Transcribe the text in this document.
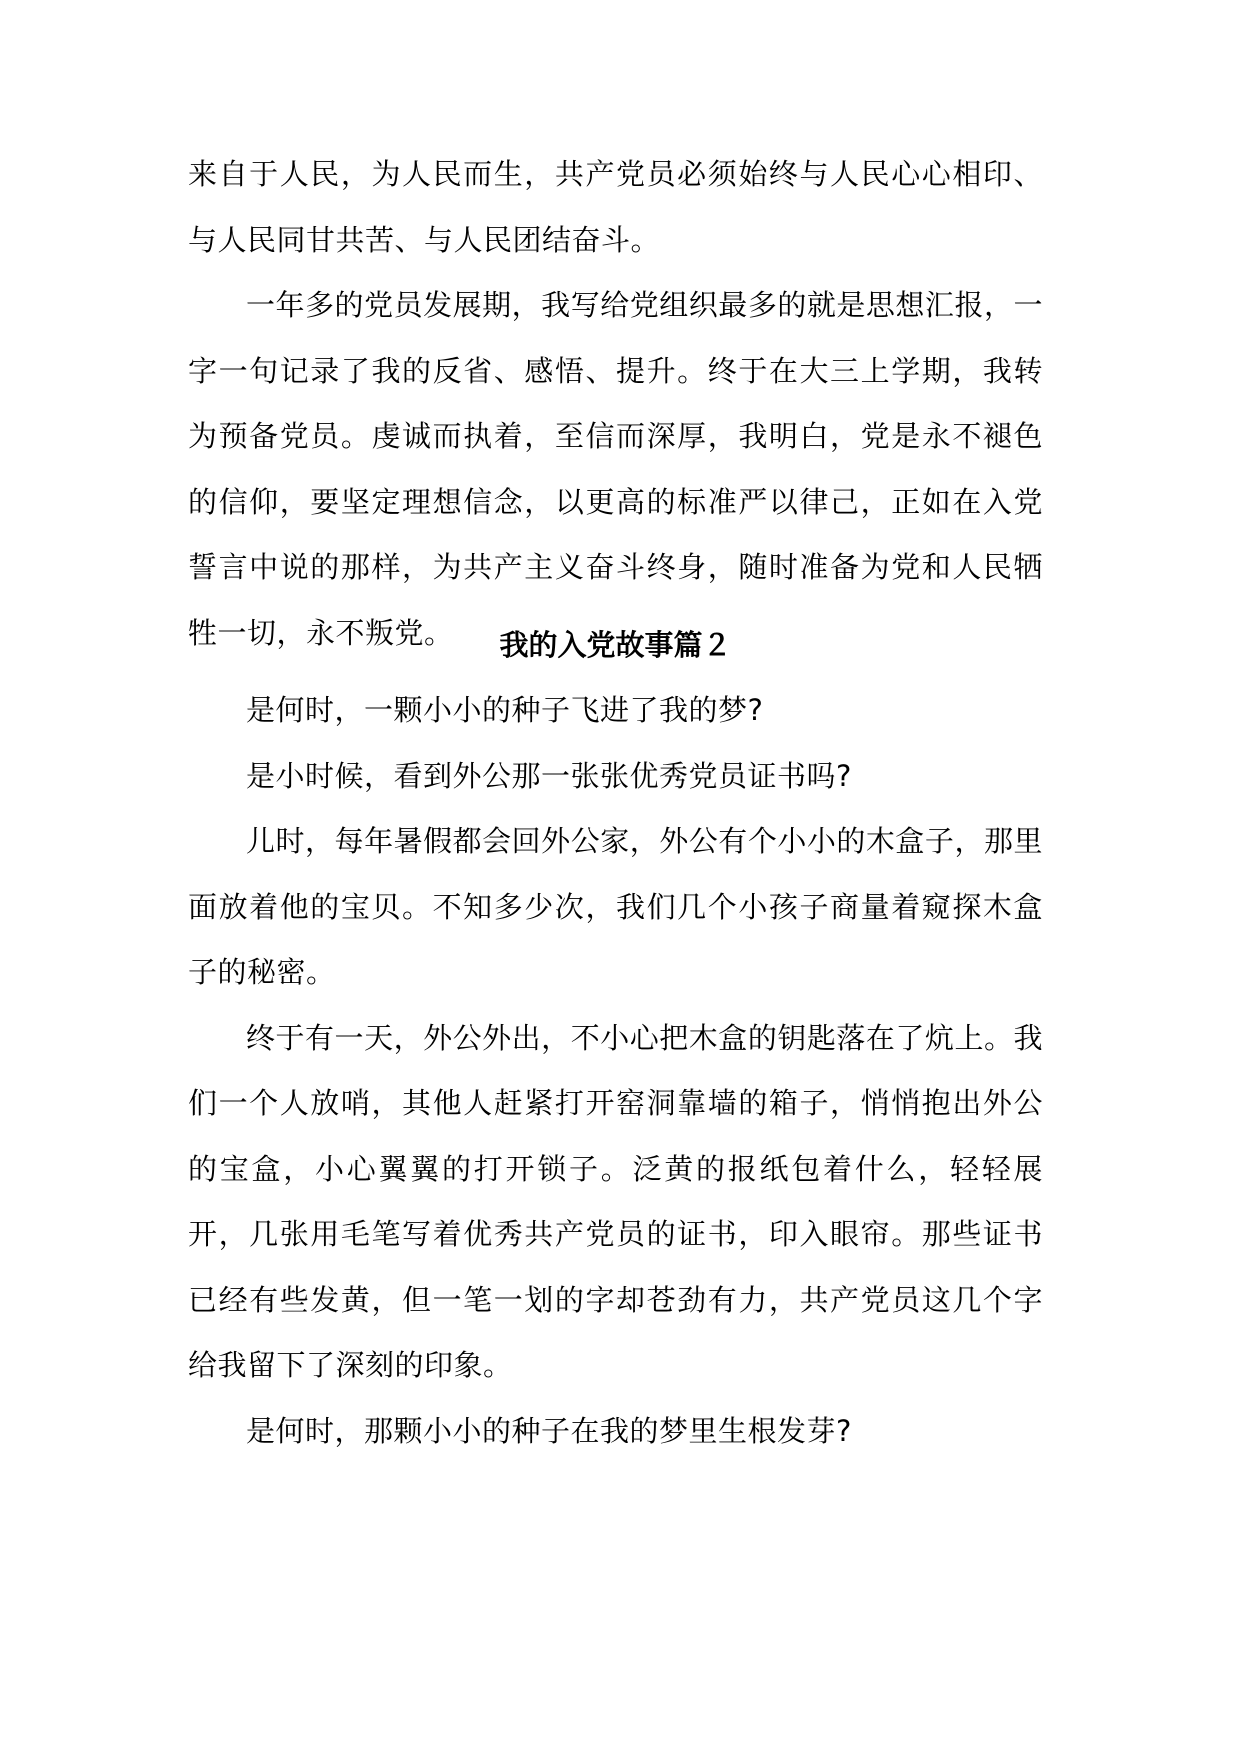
来自于人民，为人民而生，共产党员必须始终与人民心心相印、与人民同甘共苦、与人民团结奋斗。

一年多的党员发展期，我写给党组织最多的就是思想汇报，一字一句记录了我的反省、感悟、提升。终于在大三上学期，我转为预备党员。虔诚而执着，至信而深厚，我明白，党是永不褪色的信仰，要坚定理想信念，以更高的标准严以律己，正如在入党誓言中说的那样，为共产主义奋斗终身，随时准备为党和人民牺牲一切，永不叛党。	我的入党故事篇２

是何时，一颗小小的种子飞进了我的梦?

是小时候，看到外公那一张张优秀党员证书吗?

儿时，每年暑假都会回外公家，外公有个小小的木盒子，那里面放着他的宝贝。不知多少次，我们几个小孩子商量着窥探木盒子的秘密。

终于有一天，外公外出，不小心把木盒的钥匙落在了炕上。我们一个人放哨，其他人赶紧打开窑洞靠墙的箱子，悄悄抱出外公的宝盒，小心翼翼的打开锁子。泛黄的报纸包着什么，轻轻展开，几张用毛笔写着优秀共产党员的证书，印入眼帘。那些证书已经有些发黄，但一笔一划的字却苍劲有力，共产党员这几个字给我留下了深刻的印象。

是何时，那颗小小的种子在我的梦里生根发芽?
